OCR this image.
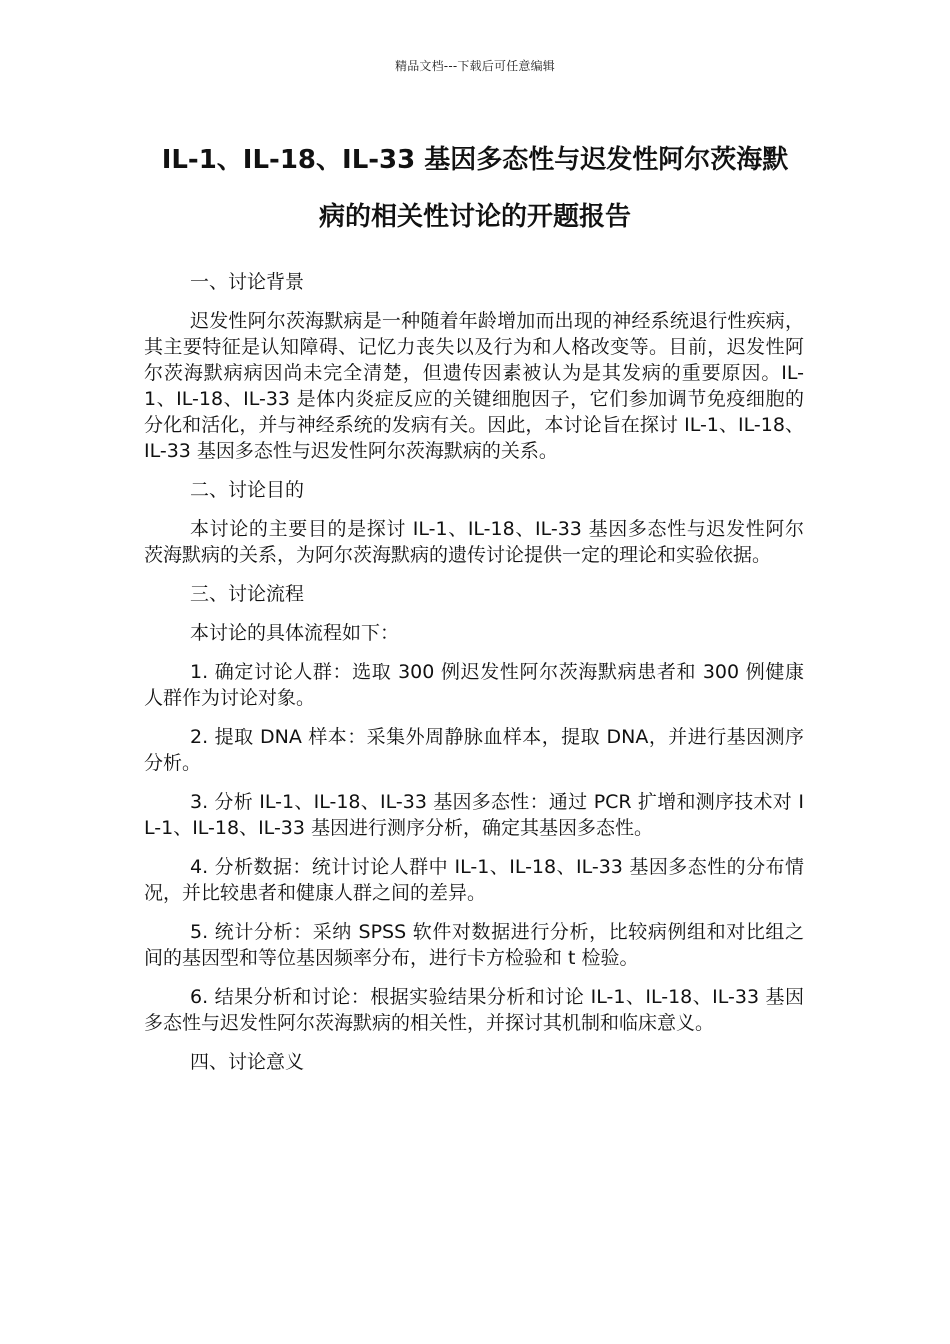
精品文档---下载后可任意编辑
IL-1、IL-18、IL-33 基因多态性与迟发性阿尔茨海默
病的相关性讨论的开题报告

一、讨论背景

迟发性阿尔茨海默病是一种随着年龄增加而出现的神经系统退行性疾病，其主要特征是认知障碍、记忆力丧失以及行为和人格改变等。目前，迟发性阿尔茨海默病病因尚未完全清楚，但遗传因素被认为是其发病的重要原因。IL-1、IL-18、IL-33 是体内炎症反应的关键细胞因子，它们参加调节免疫细胞的分化和活化，并与神经系统的发病有关。因此，本讨论旨在探讨 IL-1、IL-18、IL-33 基因多态性与迟发性阿尔茨海默病的关系。

二、讨论目的

本讨论的主要目的是探讨 IL-1、IL-18、IL-33 基因多态性与迟发性阿尔茨海默病的关系，为阿尔茨海默病的遗传讨论提供一定的理论和实验依据。

三、讨论流程

本讨论的具体流程如下：

1. 确定讨论人群：选取 300 例迟发性阿尔茨海默病患者和 300 例健康人群作为讨论对象。

2. 提取 DNA 样本：采集外周静脉血样本，提取 DNA，并进行基因测序分析。

3. 分析 IL-1、IL-18、IL-33 基因多态性：通过 PCR 扩增和测序技术对 IL-1、IL-18、IL-33 基因进行测序分析，确定其基因多态性。

4. 分析数据：统计讨论人群中 IL-1、IL-18、IL-33 基因多态性的分布情况，并比较患者和健康人群之间的差异。

5. 统计分析：采纳 SPSS 软件对数据进行分析，比较病例组和对比组之间的基因型和等位基因频率分布，进行卡方检验和 t 检验。

6. 结果分析和讨论：根据实验结果分析和讨论 IL-1、IL-18、IL-33 基因多态性与迟发性阿尔茨海默病的相关性，并探讨其机制和临床意义。

四、讨论意义
